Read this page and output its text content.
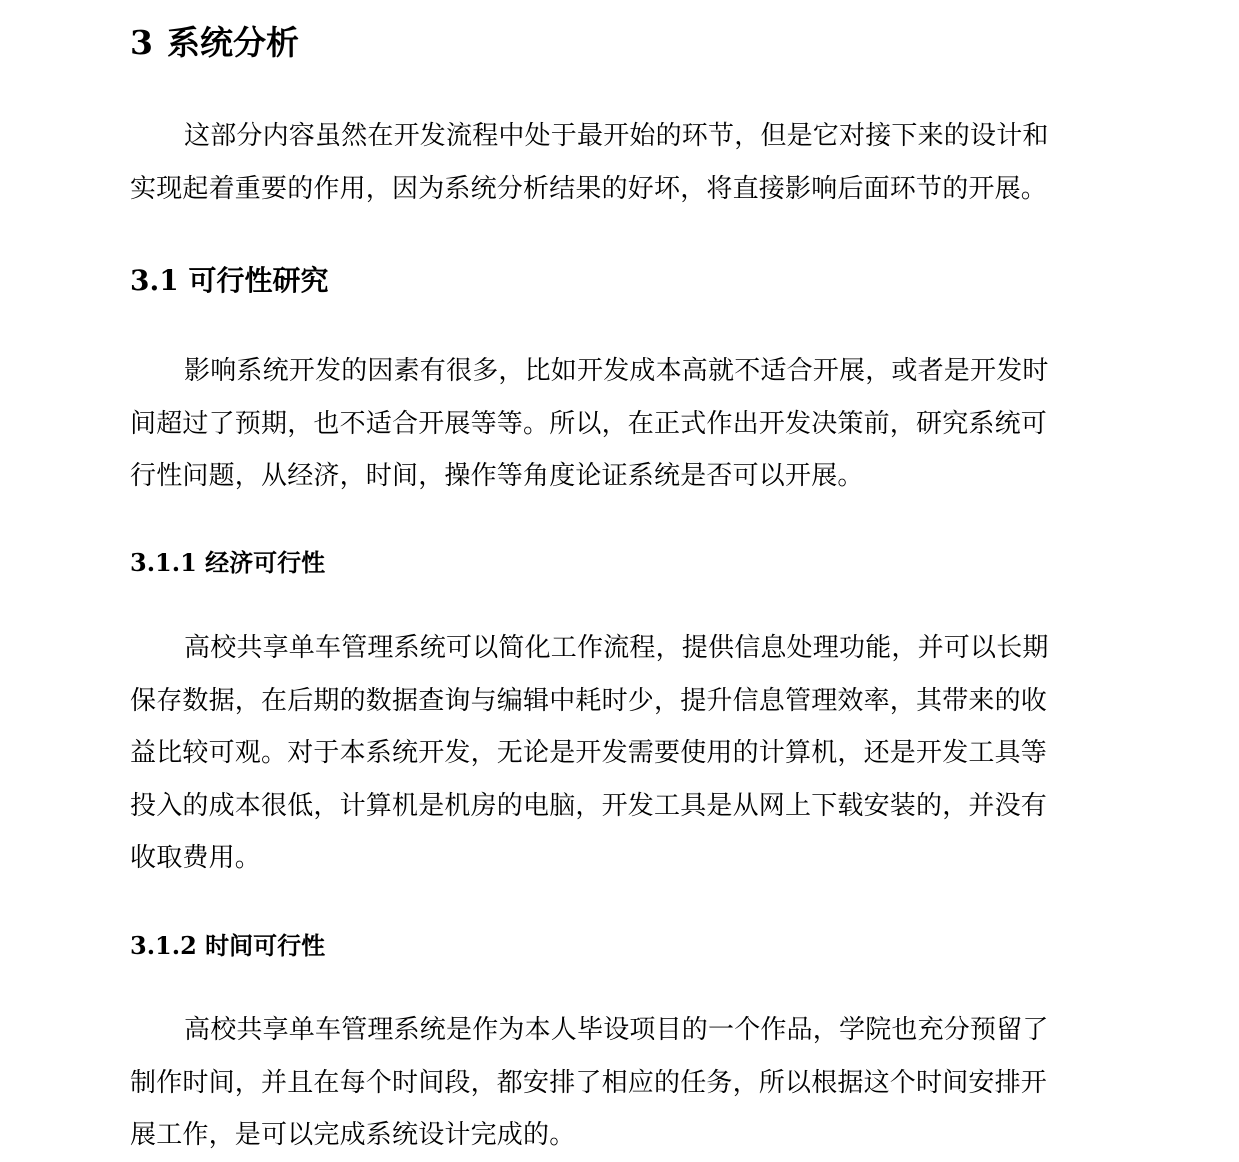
3 系统分析
这部分内容虽然在开发流程中处于最开始的环节，但是它对接下来的设计和
实现起着重要的作用，因为系统分析结果的好坏，将直接影响后面环节的开展。
3.1 可行性研究
影响系统开发的因素有很多，比如开发成本高就不适合开展，或者是开发时
间超过了预期，也不适合开展等等。所以，在正式作出开发决策前，研究系统可
行性问题，从经济，时间，操作等角度论证系统是否可以开展。
3.1.1 经济可行性
高校共享单车管理系统可以简化工作流程，提供信息处理功能，并可以长期
保存数据，在后期的数据查询与编辑中耗时少，提升信息管理效率，其带来的收
益比较可观。对于本系统开发，无论是开发需要使用的计算机，还是开发工具等
投入的成本很低，计算机是机房的电脑，开发工具是从网上下载安装的，并没有
收取费用。
3.1.2 时间可行性
高校共享单车管理系统是作为本人毕设项目的一个作品，学院也充分预留了
制作时间，并且在每个时间段，都安排了相应的任务，所以根据这个时间安排开
展工作，是可以完成系统设计完成的。
